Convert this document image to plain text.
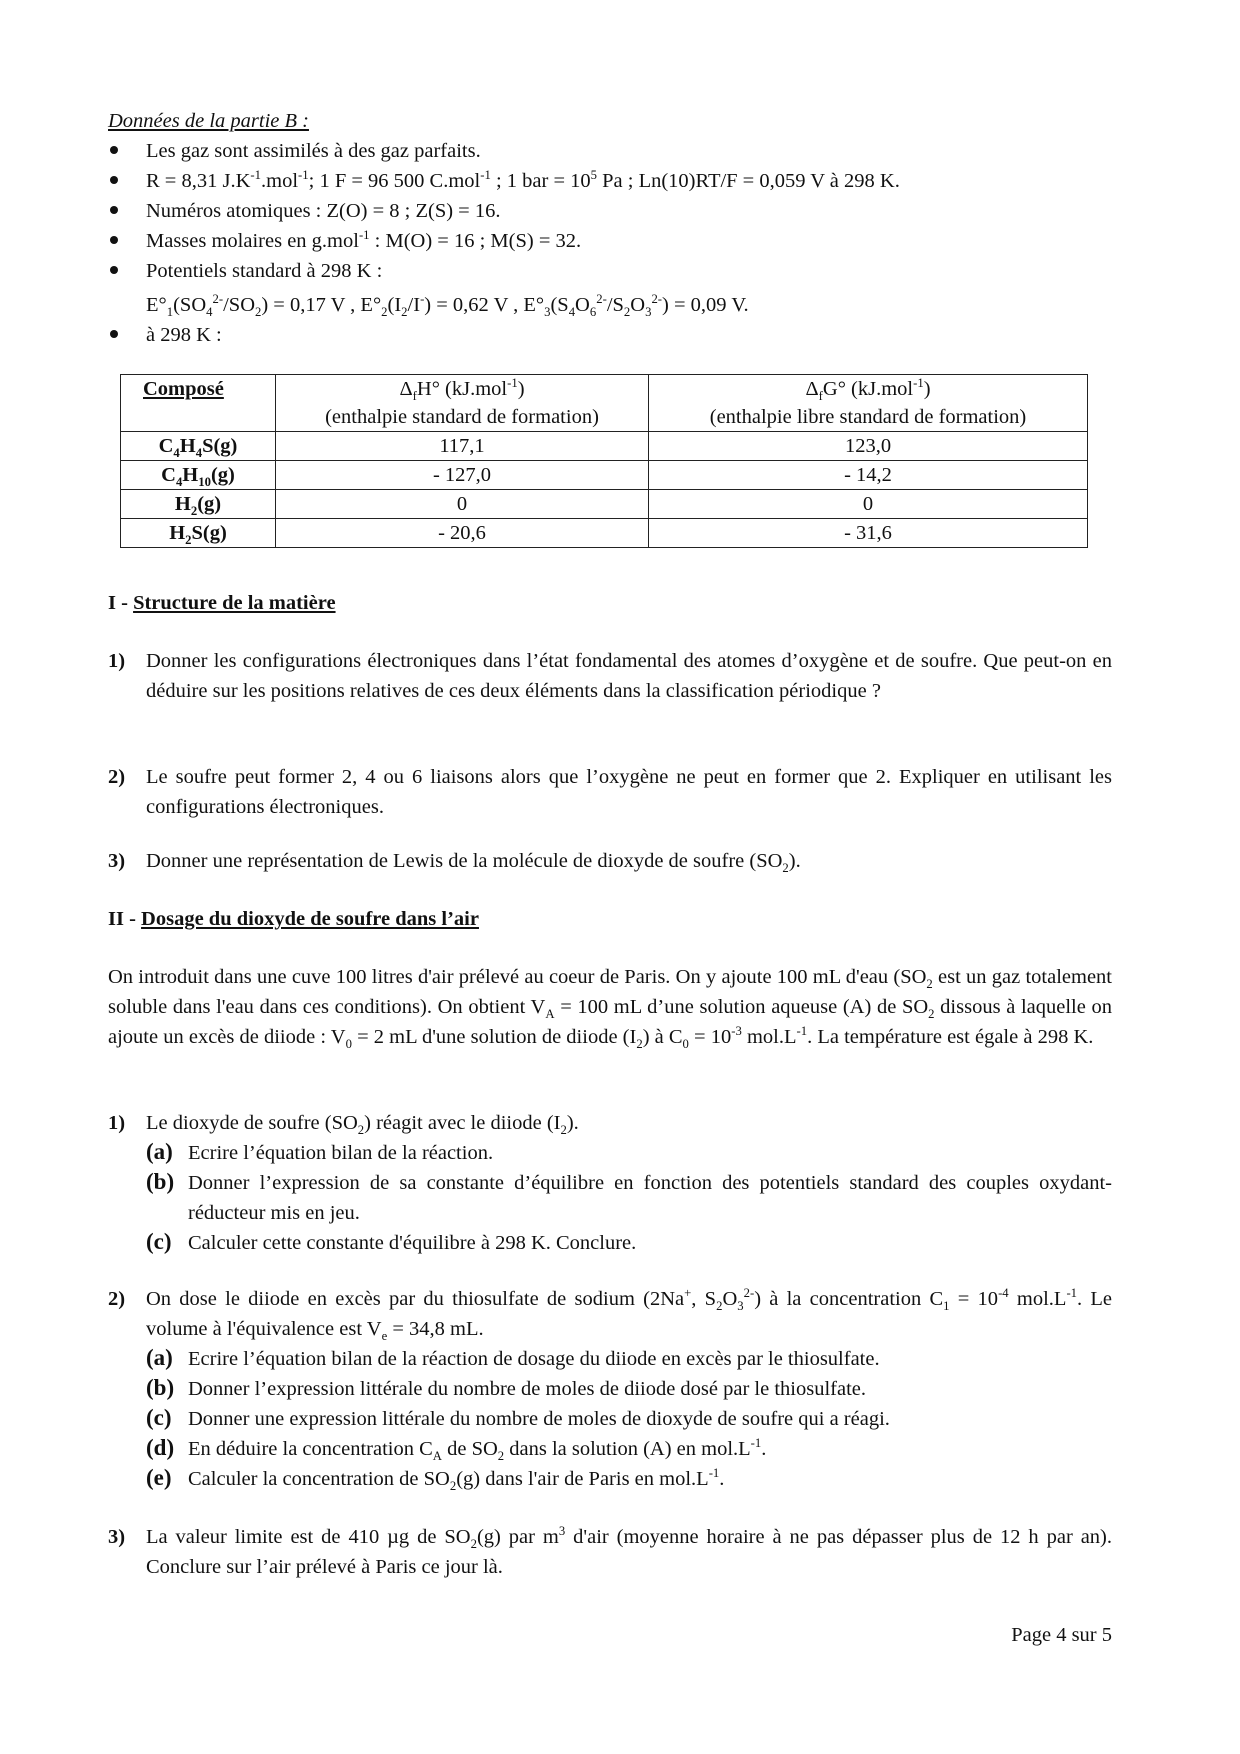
Données de la partie B :
Les gaz sont assimilés à des gaz parfaits.
R = 8,31 $J.K^{-1}.mol^{-1}$; 1 F = 96 500 C.mol$^{-1}$ ; 1 bar = $10^5$ Pa ; Ln(10)RT/F = 0,059 V à 298 K.
Numéros atomiques : Z(O) = 8 ; Z(S) = 16.
Masses molaires en g.mol$^{-1}$ : M(O) = 16 ; M(S) = 32.
Potentiels standard à 298 K :
$E^\circ_1(SO_4^{2-}/SO_2) = 0,17$ V , $E^\circ_2(I_2/I^-) = 0,62$ V , $E^\circ_3(S_4O_6^{2-}/S_2O_3^{2-}) = 0,09$ V.
à 298 K :
Composé	$\Delta_fH^\circ$ (kJ.mol$^{-1}$)	$\Delta_fG^\circ$ (kJ.mol$^{-1}$)
	(enthalpie standard de formation)	(enthalpie libre standard de formation)
$C_4H_4S(g)$	117,1	123,0
$C_4H_{10}(g)$	- 127,0	- 14,2
$H_2(g)$	0	0
$H_2S(g)$	- 20,6	- 31,6
I - Structure de la matière
1)	Donner les configurations électroniques dans l’état fondamental des atomes d’oxygène et de soufre. Que peut-on en déduire sur les positions relatives de ces deux éléments dans la classification périodique ?
2)	Le soufre peut former 2, 4 ou 6 liaisons alors que l’oxygène ne peut en former que 2. Expliquer en utilisant les configurations électroniques.
3)	Donner une représentation de Lewis de la molécule de dioxyde de soufre $(SO_2)$.
II - Dosage du dioxyde de soufre dans l’air
On introduit dans une cuve 100 litres d'air prélevé au coeur de Paris. On y ajoute 100 mL d'eau ($SO_2$ est un gaz totalement soluble dans l'eau dans ces conditions). On obtient $V_A = 100$ mL d’une solution aqueuse (A) de $SO_2$ dissous à laquelle on ajoute un excès de diiode : $V_0 = 2$ mL d'une solution de diiode $(I_2)$ à $C_0 = 10^{-3}$ $mol.L^{-1}$. La température est égale à 298 K.
1) Le dioxyde de soufre $(SO_2)$ réagit avec le diiode $(I_2)$.
(a) Ecrire l’équation bilan de la réaction.
(b) Donner l’expression de sa constante d’équilibre en fonction des potentiels standard des couples oxydant-réducteur mis en jeu.
(c) Calculer cette constante d'équilibre à 298 K. Conclure.
2) On dose le diiode en excès par du thiosulfate de sodium (2Na+, $S_2O_3^{2-}$) à la concentration $C_1 = 10^{-4}$ $mol.L^{-1}$. Le volume à l'équivalence est $V_e = 34,8$ mL.
(a) Ecrire l’équation bilan de la réaction de dosage du diiode en excès par le thiosulfate.
(b) Donner l’expression littérale du nombre de moles de diiode dosé par le thiosulfate.
(c) Donner une expression littérale du nombre de moles de dioxyde de soufre qui a réagi.
(d) En déduire la concentration $C_A$ de $SO_2$ dans la solution (A) en $mol.L^{-1}$.
(e) Calculer la concentration de $SO_2(g)$ dans l'air de Paris en $mol.L^{-1}$.
3)	La valeur limite est de 410 µg de $SO_2(g)$ par $m^3$ d'air (moyenne horaire à ne pas dépasser plus de 12 h par an). Conclure sur l’air prélevé à Paris ce jour là.
Page 4 sur 5
